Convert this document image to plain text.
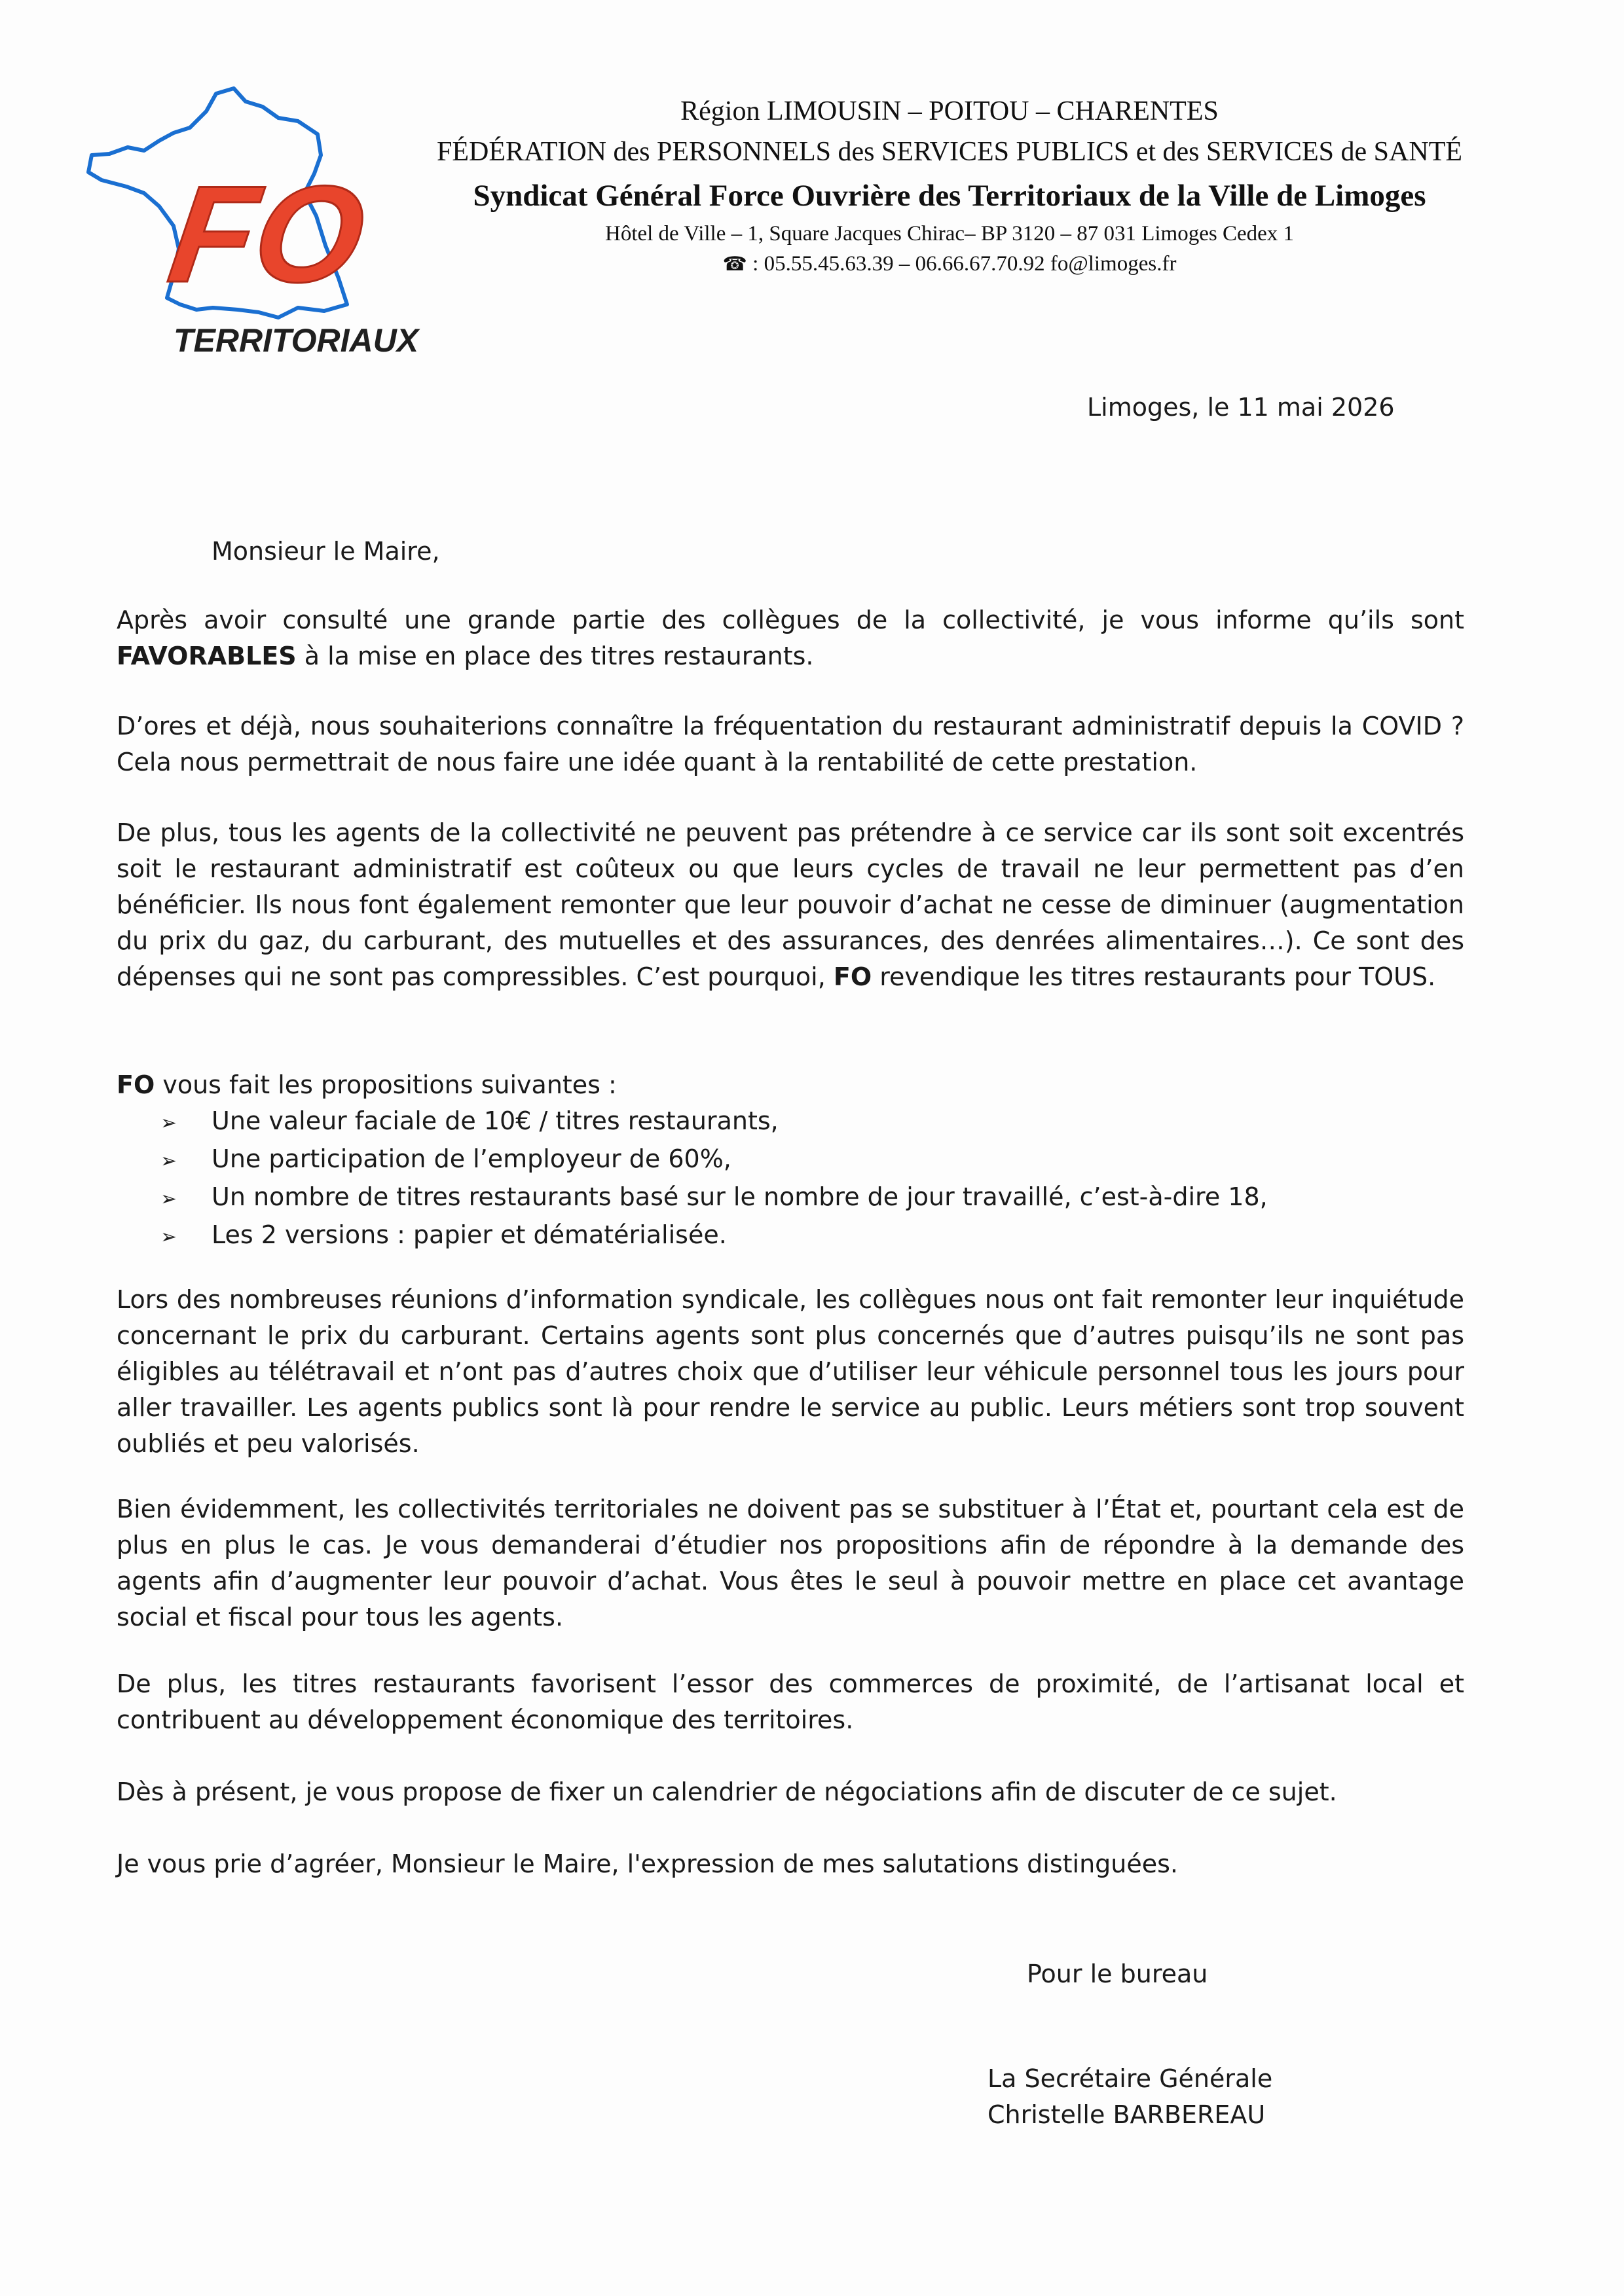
FO
TERRITORIAUX
Région LIMOUSIN – POITOU – CHARENTES
FÉDÉRATION des PERSONNELS des SERVICES PUBLICS et des SERVICES de SANTÉ
Syndicat Général Force Ouvrière des Territoriaux de la Ville de Limoges
Hôtel de Ville – 1, Square Jacques Chirac– BP 3120 – 87 031 Limoges Cedex 1
☎ : 05.55.45.63.39 – 06.66.67.70.92 fo@limoges.fr
Limoges, le 11 mai 2026
Monsieur le Maire,
Après avoir consulté une grande partie des collègues de la collectivité, je vous informe qu’ils sont FAVORABLES à la mise en place des titres restaurants.
D’ores et déjà, nous souhaiterions connaître la fréquentation du restaurant administratif depuis la COVID ? Cela nous permettrait de nous faire une idée quant à la rentabilité de cette prestation.
De plus, tous les agents de la collectivité ne peuvent pas prétendre à ce service car ils sont soit excentrés soit le restaurant administratif est coûteux ou que leurs cycles de travail ne leur permettent pas d’en bénéficier. Ils nous font également remonter que leur pouvoir d’achat ne cesse de diminuer (augmentation du prix du gaz, du carburant, des mutuelles et des assurances, des denrées alimentaires…). Ce sont des dépenses qui ne sont pas compressibles. C’est pourquoi, FO revendique les titres restaurants pour TOUS.
FO vous fait les propositions suivantes :
➢ Une valeur faciale de 10€ / titres restaurants,
➢ Une participation de l’employeur de 60%,
➢ Un nombre de titres restaurants basé sur le nombre de jour travaillé, c’est-à-dire 18,
➢ Les 2 versions : papier et dématérialisée.
Lors des nombreuses réunions d’information syndicale, les collègues nous ont fait remonter leur inquiétude concernant le prix du carburant. Certains agents sont plus concernés que d’autres puisqu’ils ne sont pas éligibles au télétravail et n’ont pas d’autres choix que d’utiliser leur véhicule personnel tous les jours pour aller travailler. Les agents publics sont là pour rendre le service au public. Leurs métiers sont trop souvent oubliés et peu valorisés.
Bien évidemment, les collectivités territoriales ne doivent pas se substituer à l’État et, pourtant cela est de plus en plus le cas. Je vous demanderai d’étudier nos propositions afin de répondre à la demande des agents afin d’augmenter leur pouvoir d’achat. Vous êtes le seul à pouvoir mettre en place cet avantage social et fiscal pour tous les agents.
De plus, les titres restaurants favorisent l’essor des commerces de proximité, de l’artisanat local et contribuent au développement économique des territoires.
Dès à présent, je vous propose de fixer un calendrier de négociations afin de discuter de ce sujet.
Je vous prie d’agréer, Monsieur le Maire, l'expression de mes salutations distinguées.
Pour le bureau
La Secrétaire Générale
Christelle BARBEREAU
